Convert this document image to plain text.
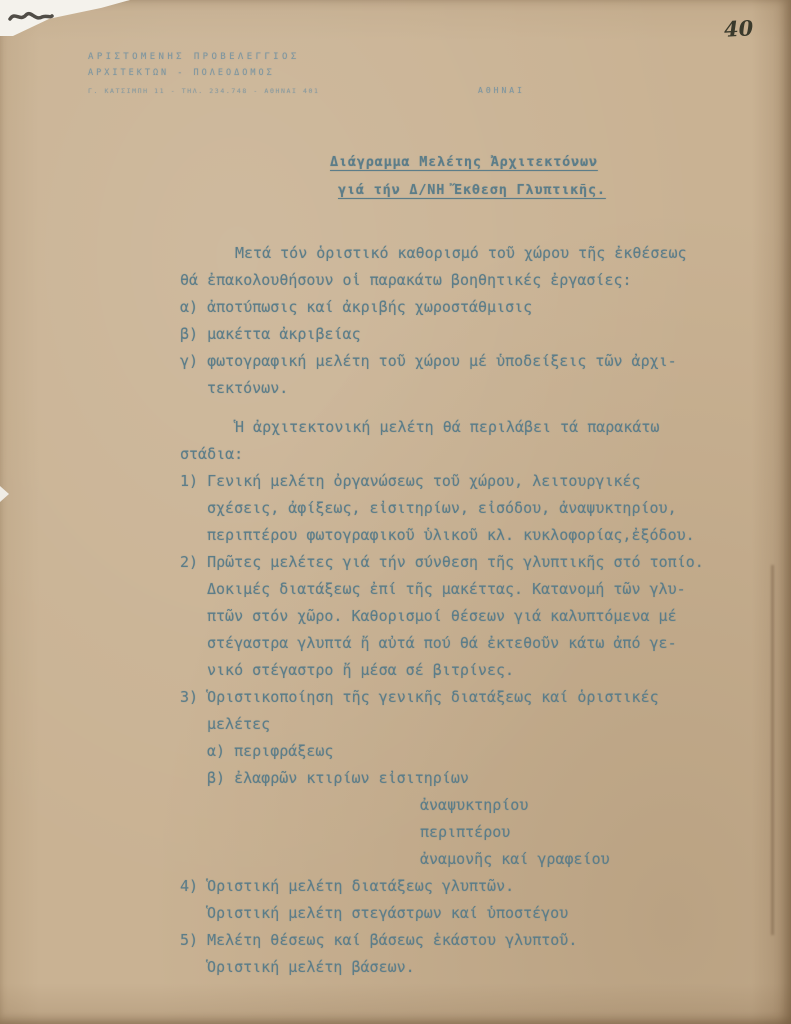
ΑΡΙΣΤΟΜΕΝΗΣ ΠΡΟΒΕΛΕΓΓΙΟΣ
ΑΡΧΙΤΕΚΤΩΝ - ΠΟΛΕΟΔΟΜΟΣ
Γ. ΚΑΤΣΙΜΠΗ 11 - ΤΗΛ. 234.748 - ΑΘΗΝΑΙ 401	ΑΘΗΝΑΙ
40
Διάγραμμα Μελέτης Ἀρχιτεκτόνων
γιά τήν Δ/ΝΗ Ἔκθεση Γλυπτικῆς.
Μετά τόν ὁριστικό καθορισμό τοῦ χώρου τῆς ἐκθέσεως
θά ἐπακολουθήσουν οἱ παρακάτω βοηθητικές ἐργασίες:
α) ἀποτύπωσις καί ἀκριβής χωροστάθμισις
β) μακέττα ἀκριβείας
γ) φωτογραφική μελέτη τοῦ χώρου μέ ὑποδείξεις τῶν ἀρχι-
τεκτόνων.
Ἡ ἀρχιτεκτονική μελέτη θά περιλάβει τά παρακάτω
στάδια:
1) Γενική μελέτη ὀργανώσεως τοῦ χώρου, λειτουργικές
σχέσεις, ἀφίξεως, εἰσιτηρίων, εἰσόδου, ἀναψυκτηρίου,
περιπτέρου φωτογραφικοῦ ὑλικοῦ κλ. κυκλοφορίας,ἐξόδου.
2) Πρῶτες μελέτες γιά τήν σύνθεση τῆς γλυπτικῆς στό τοπίο.
Δοκιμές διατάξεως ἐπί τῆς μακέττας. Κατανομή τῶν γλυ-
πτῶν στόν χῶρο. Καθορισμοί θέσεων γιά καλυπτόμενα μέ
στέγαστρα γλυπτά ἤ αὐτά πού θά ἐκτεθοῦν κάτω ἀπό γε-
νικό στέγαστρο ἤ μέσα σέ βιτρίνες.
3) Ὁριστικοποίηση τῆς γενικῆς διατάξεως καί ὁριστικές
μελέτες
α) περιφράξεως
β) ἐλαφρῶν κτιρίων εἰσιτηρίων
ἀναψυκτηρίου
περιπτέρου
ἀναμονῆς καί γραφείου
4) Ὁριστική μελέτη διατάξεως γλυπτῶν.
Ὁριστική μελέτη στεγάστρων καί ὑποστέγου
5) Μελέτη θέσεως καί βάσεως ἑκάστου γλυπτοῦ.
Ὁριστική μελέτη βάσεων.
